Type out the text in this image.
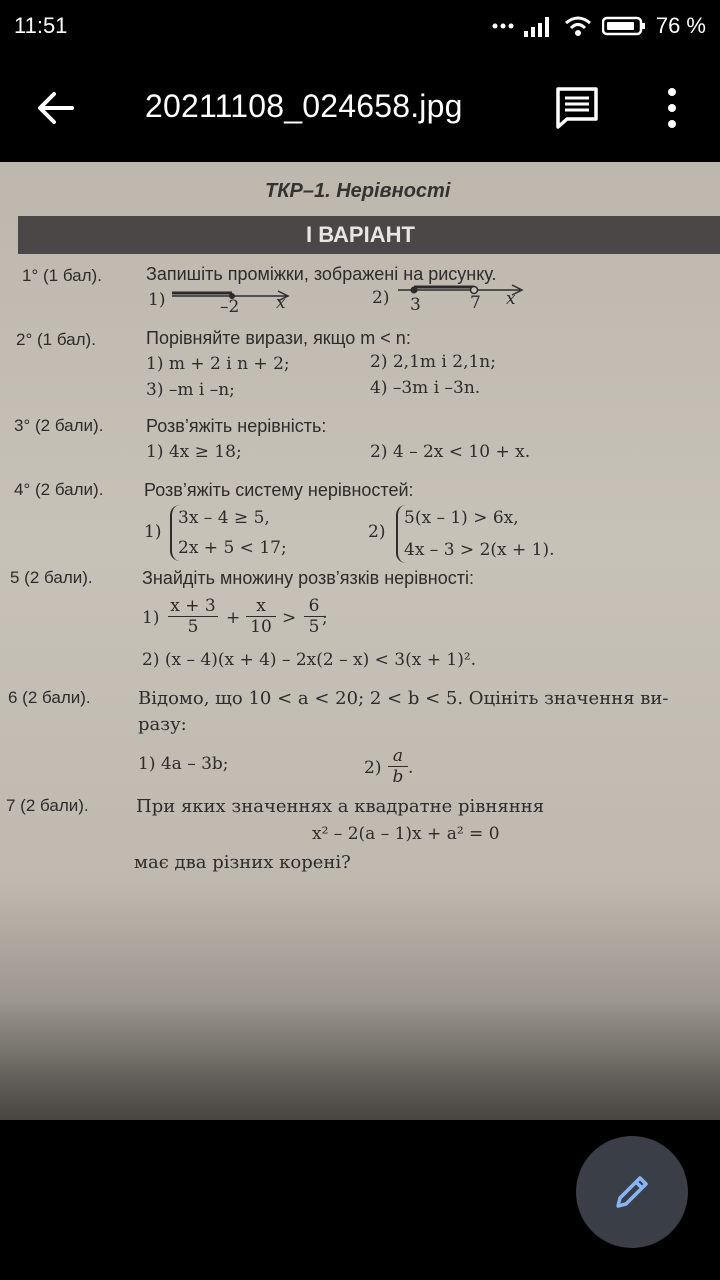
11:51	76 %
20211108_024658.jpg
ТКР–1. Нерівності
І ВАРІАНТ
1° (1 бал). Запишіть проміжки, зображені на рисунку.
1)	–2 x	2) 3	7 x
2° (1 бал).	Порівняйте вирази, якщо m < n:
1) m + 2 і n + 2;	2) 2,1m і 2,1n;
3) –m і –n;	4) –3m і –3n.
3° (2 бали). Розв’яжіть нерівність:
1) 4x ≥ 18;	2) 4 – 2x < 10 + x.
4° (2 бали). Розв’яжіть систему нерівностей:
1)
3x – 4 ≥ 5,
2x + 5 < 17;
2)
5(x – 1) > 6x,
4x – 3 > 2(x + 1).
5 (2 бали).	Знайдіть множину розв’язків нерівності:
$1) \frac{x + 3}{5} + \frac{x}{10} > \frac{6}{5}$
;
2) (x – 4)(x + 4) – 2x(2 – x) < 3(x + 1)².
6 (2 бали).	Відомо, що 10 < a < 20; 2 < b < 5. Оцініть значення ви-
разу:
1) 4a – 3b;	$2) \frac{a}{b}$ .
7 (2 бали).	При яких значеннях a квадратне рівняння
x² – 2(a – 1)x + a² = 0
має два різних корені?
